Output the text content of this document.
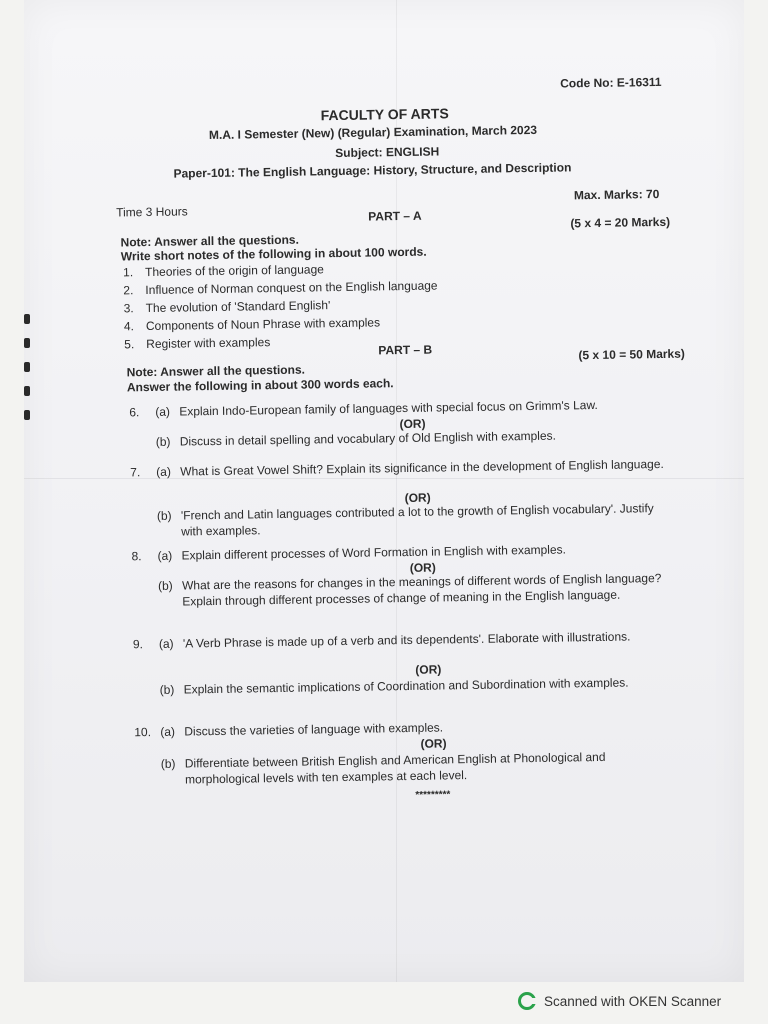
Code No: E-16311
FACULTY OF ARTS
M.A. I Semester (New) (Regular) Examination, March 2023
Subject: ENGLISH
Paper-101: The English Language: History, Structure, and Description
Time 3 Hours
Max. Marks: 70
PART – A	(5 x 4 = 20 Marks)
Note: Answer all the questions.
Write short notes of the following in about 100 words.
1. Theories of the origin of language
2. Influence of Norman conquest on the English language
3. The evolution of 'Standard English'
4. Components of Noun Phrase with examples
5. Register with examples	PART – B	(5 x 10 = 50 Marks)
Note: Answer all the questions.
Answer the following in about 300 words each.
6. (a) Explain Indo-European family of languages with special focus on Grimm's Law.
(OR)
(b) Discuss in detail spelling and vocabulary of Old English with examples.
7. (a) What is Great Vowel Shift? Explain its significance in the development of English language.
(OR)
(b) 'French and Latin languages contributed a lot to the growth of English vocabulary'. Justify with examples.
8. (a) Explain different processes of Word Formation in English with examples.
(OR)
(b) What are the reasons for changes in the meanings of different words of English language? Explain through different processes of change of meaning in the English language.
9. (a) 'A Verb Phrase is made up of a verb and its dependents'. Elaborate with illustrations.
(OR)
(b) Explain the semantic implications of Coordination and Subordination with examples.
10. (a) Discuss the varieties of language with examples.
(OR)
(b) Differentiate between British English and American English at Phonological and morphological levels with ten examples at each level.
*********
Scanned with OKEN Scanner
